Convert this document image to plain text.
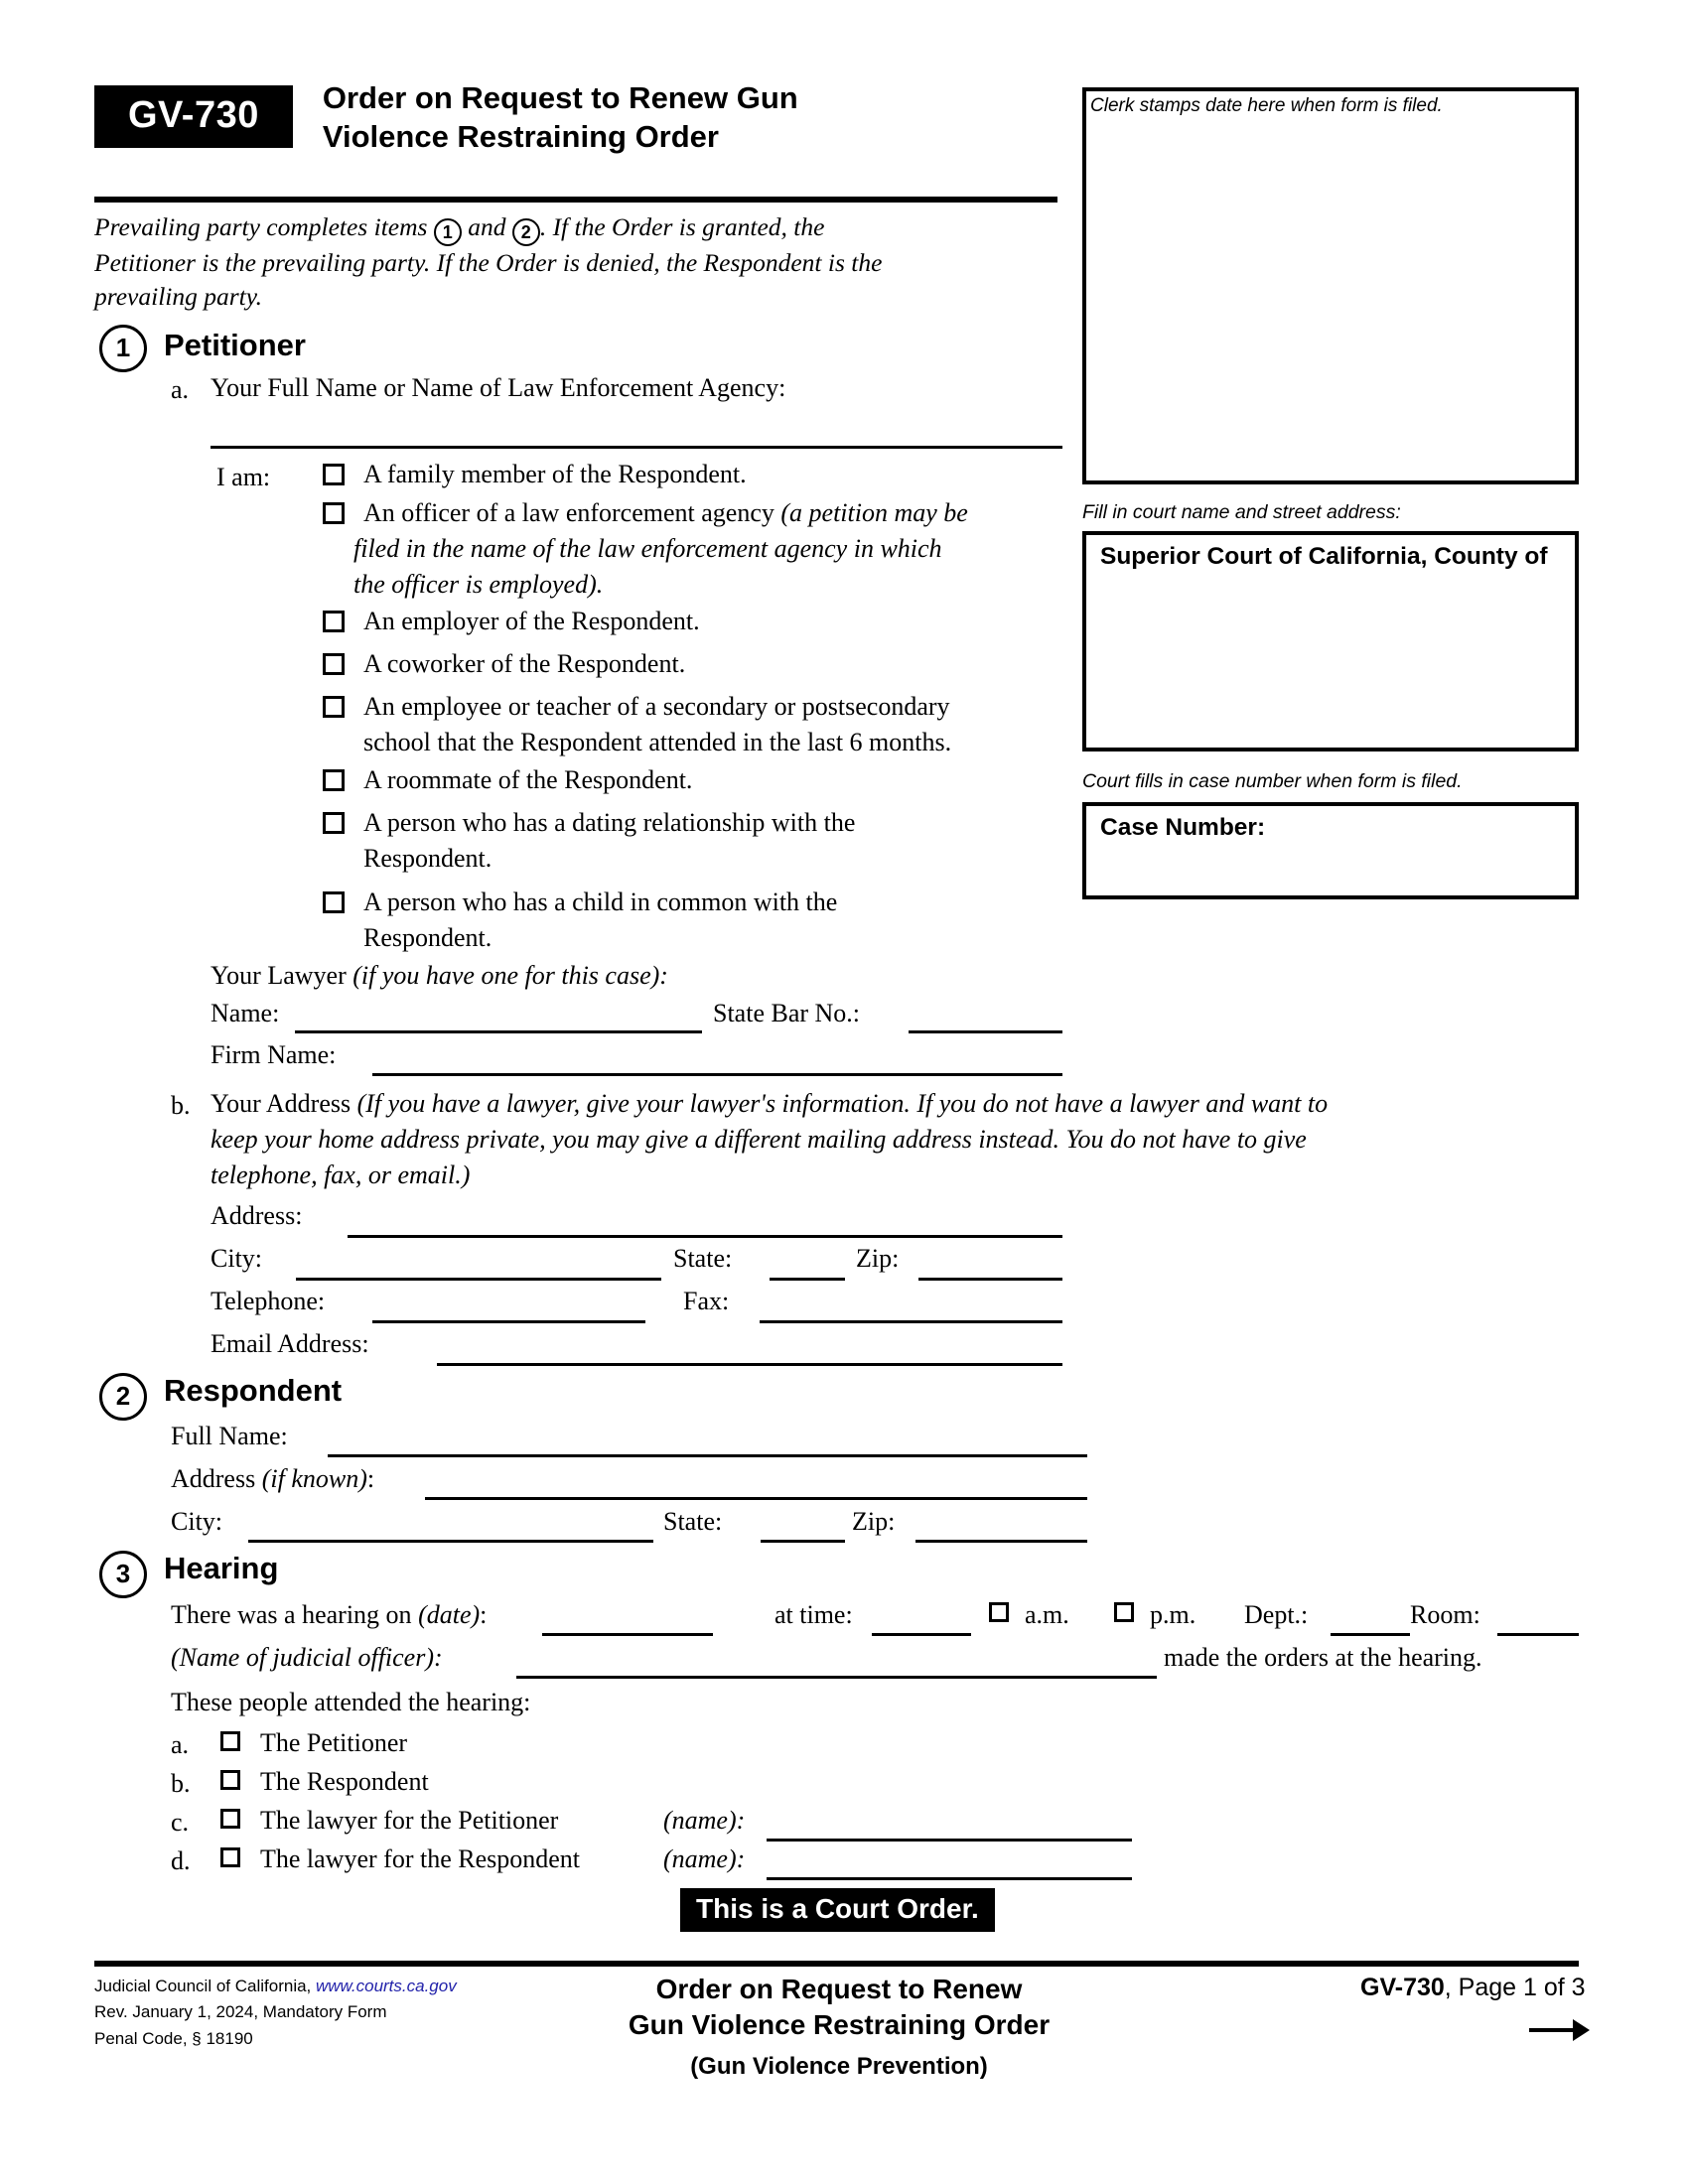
GV-730 Order on Request to Renew Gun
Violence Restraining Order
Prevailing party completes items 1 and 2 . If the Order is granted, the
Petitioner is the prevailing party. If the Order is denied, the Respondent is the
prevailing party.
Clerk stamps date here when form is filed.
Fill in court name and street address:
Superior Court of California, County of
Court fills in case number when form is filed.
Case Number:
1	Petitioner
a. Your Full Name or Name of Law Enforcement Agency:
I am:	A family member of the Respondent.
An officer of a law enforcement agency (a petition may be
filed in the name of the law enforcement agency in which
the officer is employed).
An employer of the Respondent.
A coworker of the Respondent.
An employee or teacher of a secondary or postsecondary
school that the Respondent attended in the last 6 months.
A roommate of the Respondent.
A person who has a dating relationship with the
Respondent.
A person who has a child in common with the
Respondent.
Your Lawyer (if you have one for this case):
Name:	State Bar No.:
Firm Name:
b. Your Address (If you have a lawyer, give your lawyer's information. If you do not have a lawyer and want to
keep your home address private, you may give a different mailing address instead. You do not have to give
telephone, fax, or email.)
Address:
City:	State:	Zip:
Telephone:	Fax:
Email Address:
2	Respondent
Full Name:
Address (if known):
City:	State:	Zip:
3	Hearing
There was a hearing on (date):	at time:	a.m.	p.m. Dept.:	Room:
(Name of judicial officer):	made the orders at the hearing.
These people attended the hearing:
a.	The Petitioner
b.	The Respondent
c.	The lawyer for the Petitioner	(name):
d.	The lawyer for the Respondent	(name):
This is a Court Order.
Judicial Council of California, www.courts.ca.gov
Rev. January 1, 2024, Mandatory Form
Penal Code, § 18190
Order on Request to Renew
Gun Violence Restraining Order
(Gun Violence Prevention)
GV-730, Page 1 of 3
